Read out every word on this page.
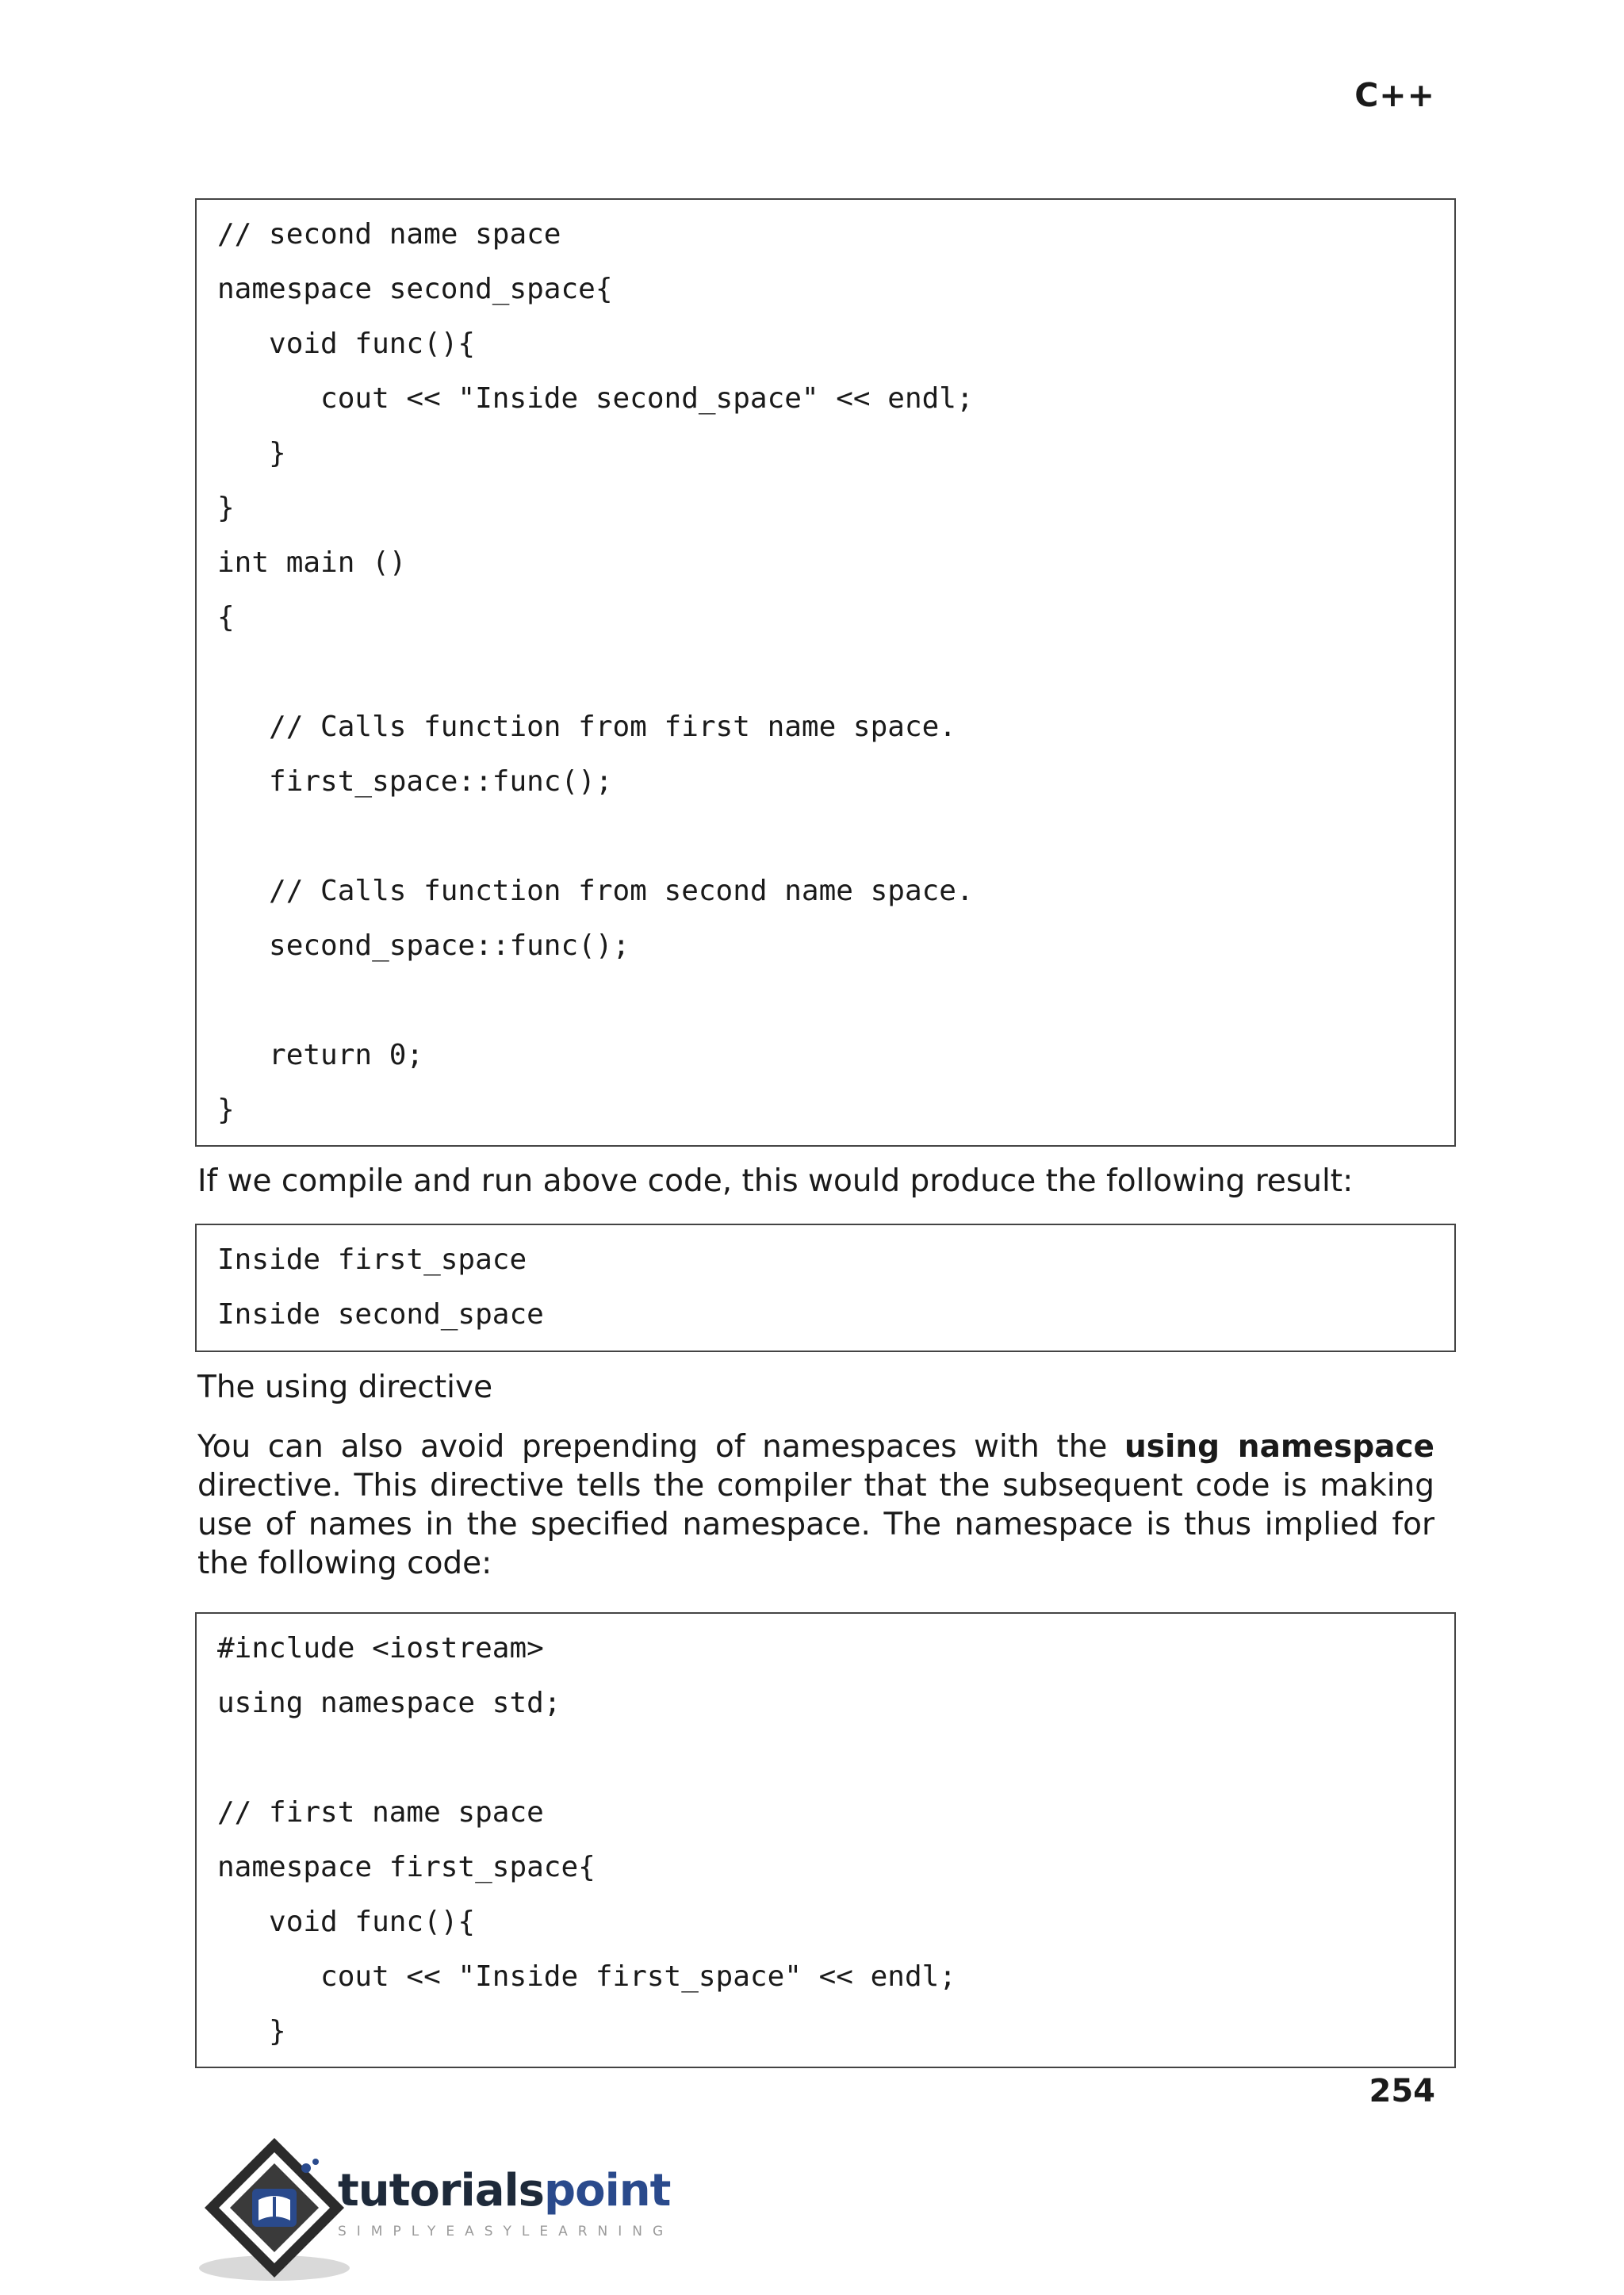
C++
// second name space
namespace second_space{
void func(){
cout << "Inside second_space" << endl;
}
}
int main ()
{
// Calls function from first name space.
first_space::func();
// Calls function from second name space.
second_space::func();
return 0;
}
If we compile and run above code, this would produce the following result:
Inside first_space
Inside second_space
The using directive
You can also avoid prepending of namespaces with the using namespace directive. This directive tells the compiler that the subsequent code is making use of names in the specified namespace. The namespace is thus implied for the following code:
#include <iostream>
using namespace std;
// first name space
namespace first_space{
void func(){
cout << "Inside first_space" << endl;
}
254
tutorialspoint
SIMPLYEASYLEARNING
